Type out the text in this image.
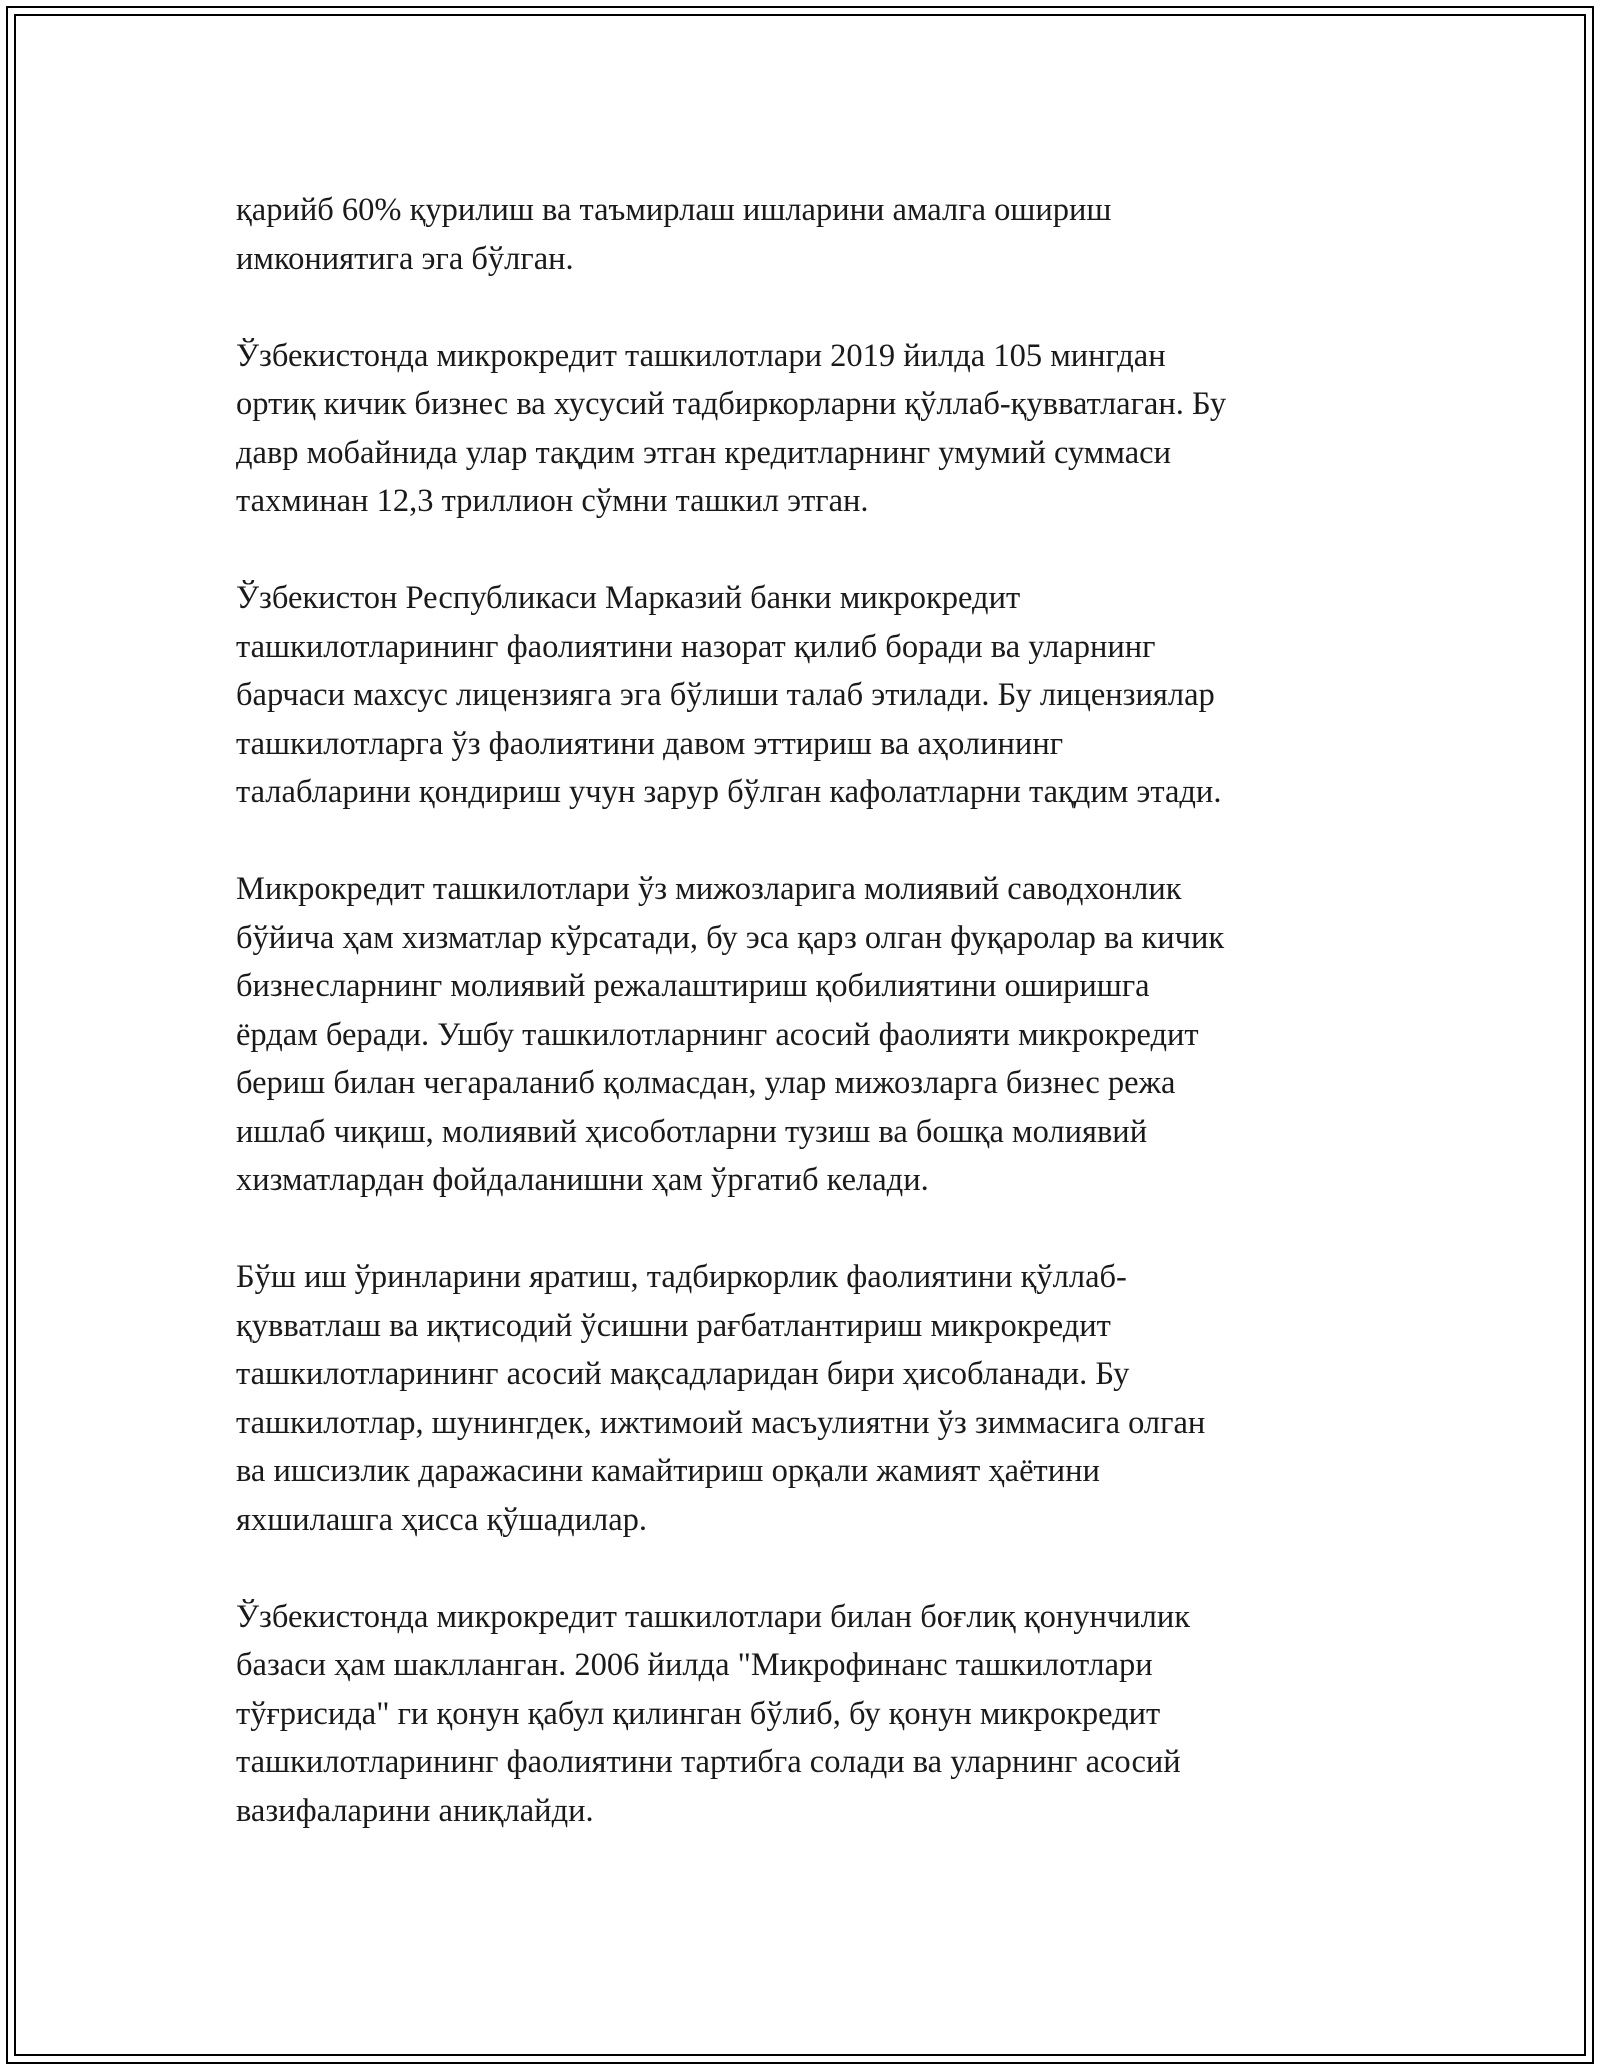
қарийб 60% қурилиш ва таъмирлаш ишларини амалга ошириш
имкониятига эга бўлган.

Ўзбекистонда микрокредит ташкилотлари 2019 йилда 105 мингдан
ортиқ кичик бизнес ва хусусий тадбиркорларни қўллаб-қувватлаган. Бу
давр мобайнида улар тақдим этган кредитларнинг умумий суммаси
тахминан 12,3 триллион сўмни ташкил этган.

Ўзбекистон Республикаси Марказий банки микрокредит
ташкилотларининг фаолиятини назорат қилиб боради ва уларнинг
барчаси махсус лицензияга эга бўлиши талаб этилади. Бу лицензиялар
ташкилотларга ўз фаолиятини давом эттириш ва аҳолининг
талабларини қондириш учун зарур бўлган кафолатларни тақдим этади.

Микрокредит ташкилотлари ўз мижозларига молиявий саводхонлик
бўйича ҳам хизматлар кўрсатади, бу эса қарз олган фуқаролар ва кичик
бизнесларнинг молиявий режалаштириш қобилиятини оширишга
ёрдам беради. Ушбу ташкилотларнинг асосий фаолияти микрокредит
бериш билан чегараланиб қолмасдан, улар мижозларга бизнес режа
ишлаб чиқиш, молиявий ҳисоботларни тузиш ва бошқа молиявий
хизматлардан фойдаланишни ҳам ўргатиб келади.

Бўш иш ўринларини яратиш, тадбиркорлик фаолиятини қўллаб-
қувватлаш ва иқтисодий ўсишни рағбатлантириш микрокредит
ташкилотларининг асосий мақсадларидан бири ҳисобланади. Бу
ташкилотлар, шунингдек, ижтимоий масъулиятни ўз зиммасига олган
ва ишсизлик даражасини камайтириш орқали жамият ҳаётини
яхшилашга ҳисса қўшадилар.

Ўзбекистонда микрокредит ташкилотлари билан боғлиқ қонунчилик
базаси ҳам шаклланган. 2006 йилда "Микрофинанс ташкилотлари
тўғрисида" ги қонун қабул қилинган бўлиб, бу қонун микрокредит
ташкилотларининг фаолиятини тартибга солади ва уларнинг асосий
вазифаларини аниқлайди.
